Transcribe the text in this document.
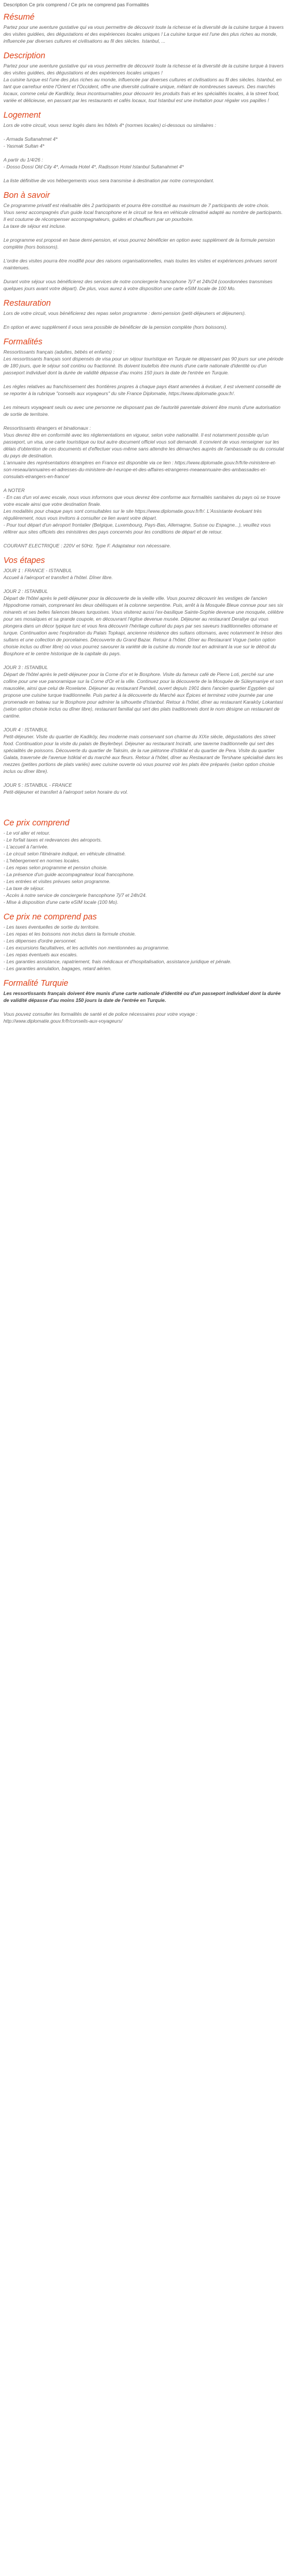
Description Ce prix comprend / Ce prix ne comprend pas Formalités
Résumé

Partez pour une aventure gustative qui va vous permettre de découvrir toute la richesse et la diversité de la cuisine turque à travers des visites guidées, des dégustations et des expériences locales uniques ! La cuisine turque est l'une des plus riches au monde, influencée par diverses cultures et civilisations au fil des siècles. Istanbul, ...

Description

Partez pour une aventure gustative qui va vous permettre de découvrir toute la richesse et la diversité de la cuisine turque à travers des visites guidées, des dégustations et des expériences locales uniques !

La cuisine turque est l'une des plus riches au monde, influencée par diverses cultures et civilisations au fil des siècles. Istanbul, en tant que carrefour entre l'Orient et l'Occident, offre une diversité culinaire unique, mêlant de nombreuses saveurs. Des marchés locaux, comme celui de Kardiköy, lieux incontournables pour découvrir les produits frais et les spécialités locales, à la street food, variée et délicieuse, en passant par les restaurants et cafés locaux, tout Istanbul est une invitation pour régaler vos papilles !

Logement

Lors de votre circuit, vous serez logés dans les hôtels 4* (normes locales) ci-dessous ou similaires :

- Armada Sultanahmet 4*

- Yasmak Sultan 4*

A partir du 1/4/26 :

- Dosso Dossi Old City 4*, Armada Hotel 4*, Radisson Hotel Istanbul Sultanahmet 4*

La liste définitive de vos hébergements vous sera transmise à destination par notre correspondant.

Bon à savoir

Ce programme privatif est réalisable dès 2 participants et pourra être constitué au maximum de 7 participants de votre choix.

Vous serez accompagnés d'un guide local francophone et le circuit se fera en véhicule climatisé adapté au nombre de participants.

Il est coutume de récompenser accompagnateurs, guides et chauffeurs par un pourboire.

La taxe de séjour est incluse.

Le programme est proposé en base demi-pension, et vous pourrez bénéficier en option avec supplément de la formule pension complète (hors boissons).

L'ordre des visites pourra être modifié pour des raisons organisationnelles, mais toutes les visites et expériences prévues seront maintenues.

Durant votre séjour vous bénéficierez des services de notre conciergerie francophone 7j/7 et 24h/24 (coordonnées transmises quelques jours avant votre départ). De plus, vous aurez à votre disposition une carte eSIM locale de 100 Mo.

Restauration

Lors de votre circuit, vous bénéficierez des repas selon programme : demi-pension (petit-déjeuners et déjeuners).

En option et avec supplément il vous sera possible de bénéficier de la pension complète (hors boissons).

Formalités

Ressortissants français (adultes, bébés et enfants) :

Les ressortissants français sont dispensés de visa pour un séjour touristique en Turquie ne dépassant pas 90 jours sur une période de 180 jours, que le séjour soit continu ou fractionné. Ils doivent toutefois être munis d'une carte nationale d'identité ou d'un passeport individuel dont la durée de validité dépasse d'au moins 150 jours la date de l'entrée en Turquie.

Les règles relatives au franchissement des frontières propres à chaque pays étant amenées à évoluer, il est vivement conseillé de se reporter à la rubrique "conseils aux voyageurs" du site France Diplomatie, https://www.diplomatie.gouv.fr/.

Les mineurs voyageant seuls ou avec une personne ne disposant pas de l'autorité parentale doivent être munis d'une autorisation de sortie de territoire.

Ressortissants étrangers et binationaux :

Vous devrez être en conformité avec les réglementations en vigueur, selon votre nationalité. Il est notamment possible qu'un passeport, un visa, une carte touristique ou tout autre document officiel vous soit demandé. Il convient de vous renseigner sur les délais d'obtention de ces documents et d'effectuer vous-même sans attendre les démarches auprès de l'ambassade ou du consulat du pays de destination.

L'annuaire des représentations étrangères en France est disponible via ce lien : https://www.diplomatie.gouv.fr/fr/le-ministere-et-son-reseau/annuaires-et-adresses-du-ministere-de-l-europe-et-des-affaires-etrangeres-meaeannuaire-des-ambassades-et-consulats-etrangers-en-france/

A NOTER

- En cas d'un vol avec escale, nous vous informons que vous devrez être conforme aux formalités sanitaires du pays où se trouve votre escale ainsi que votre destination finale.

Les modalités pour chaque pays sont consultables sur le site https://www.diplomatie.gouv.fr/fr/. L'Assistante évoluant très régulièrement, nous vous invitons à consulter ce lien avant votre départ.

- Pour tout départ d'un aéroport frontalier (Belgique, Luxembourg, Pays-Bas, Allemagne, Suisse ou Espagne...), veuillez vous référer aux sites officiels des ministères des pays concernés pour les conditions de départ et de retour.

COURANT ELECTRIQUE : 220V et 50Hz. Type F. Adaptateur non nécessaire.

Vos étapes

JOUR 1 : FRANCE - ISTANBUL

Accueil à l'aéroport et transfert à l'hôtel. Dîner libre.

JOUR 2 : ISTANBUL

Départ de l'hôtel après le petit-déjeuner pour la découverte de la vieille ville. Vous pourrez découvrir les vestiges de l'ancien Hippodrome romain, comprenant les deux obélisques et la colonne serpentine. Puis, arrêt à la Mosquée Bleue connue pour ses six minarets et ses belles faïences bleues turquoises. Vous visiterez aussi l'ex-basilique Sainte-Sophie devenue une mosquée, célèbre pour ses mosaïques et sa grande coupole, en découvrant l'église devenue musée. Déjeuner au restaurant Deraliye qui vous plongera dans un décor typique turc et vous fera découvrir l'héritage culturel du pays par ses saveurs traditionnelles ottomane et turque. Continuation avec l'exploration du Palais Topkapi, ancienne résidence des sultans ottomans, avec notamment le trésor des sultans et une collection de porcelaines. Découverte du Grand Bazar. Retour à l'hôtel. Dîner au Restaurant Vogue (selon option choisie inclus ou dîner libre) où vous pourrez savourer la variété de la cuisine du monde tout en admirant la vue sur le détroit du Bosphore et le centre historique de la capitale du pays.

JOUR 3 : ISTANBUL

Départ de l'hôtel après le petit-déjeuner pour la Corne d'or et le Bosphore. Visite du fameux café de Pierre Loti, perché sur une colline pour une vue panoramique sur la Corne d'Or et la ville. Continuez pour la découverte de la Mosquée de Süleymaniye et son mausolée, ainsi que celui de Roxelane. Déjeuner au restaurant Pandeli, ouvert depuis 1901 dans l'ancien quartier Egyptien qui propose une cuisine turque traditionnelle. Puis partez à la découverte du Marché aux Épices et terminez votre journée par une promenade en bateau sur le Bosphore pour admirer la silhouette d'Istanbul. Retour à l'hôtel, dîner au restaurant Karaköy Lokantasi (selon option choisie inclus ou dîner libre), restaurant familial qui sert des plats traditionnels dont le nom désigne un restaurant de cantine.

JOUR 4 : ISTANBUL

Petit-déjeuner. Visite du quartier de Kadiköy, lieu moderne mais conservant son charme du XIXe siècle, dégustations des street food. Continuation pour la visite du palais de Beylerbeyi. Déjeuner au restaurant Inciralti, une taverne traditionnelle qui sert des spécialités de poissons. Découverte du quartier de Taksim, de la rue piétonne d'Istiklal et du quartier de Pera. Visite du quartier Galata, traversée de l'avenue Istiklal et du marché aux fleurs. Retour à l'hôtel, dîner au Restaurant de Tershane spécialisé dans les mezzes (petites portions de plats variés) avec cuisine ouverte où vous pourrez voir les plats être préparés (selon option choisie inclus ou dîner libre).

JOUR 5 : ISTANBUL - FRANCE

Petit-déjeuner et transfert à l'aéroport selon horaire du vol.

Ce prix comprend
- Le vol aller et retour.
- Le forfait taxes et redevances des aéroports.
- L'accueil à l'arrivée.
- Le circuit selon l'itinéraire indiqué, en véhicule climatisé.
- L'hébergement en normes locales.
- Les repas selon programme et pension choisie.
- La présence d'un guide accompagnateur local francophone.
- Les entrées et visites prévues selon programme.
- La taxe de séjour.
- Accès à notre service de conciergerie francophone 7j/7 et 24h/24.
- Mise à disposition d'une carte eSIM locale (100 Mo).
Ce prix ne comprend pas
- Les taxes éventuelles de sortie du territoire.
- Les repas et les boissons non inclus dans la formule choisie.
- Les dépenses d'ordre personnel.
- Les excursions facultatives, et les activités non mentionnées au programme.
- Les repas éventuels aux escales.
- Les garanties assistance, rapatriement, frais médicaux et d'hospitalisation, assistance juridique et pénale.
- Les garanties annulation, bagages, retard aérien.
Formalité Turquie

Les ressortissants français doivent être munis d'une carte nationale d'identité ou d'un passeport individuel dont la durée de validité dépasse d'au moins 150 jours la date de l'entrée en Turquie.

Vous pouvez consulter les formalités de santé et de police nécessaires pour votre voyage : http://www.diplomatie.gouv.fr/fr/conseils-aux-voyageurs/
